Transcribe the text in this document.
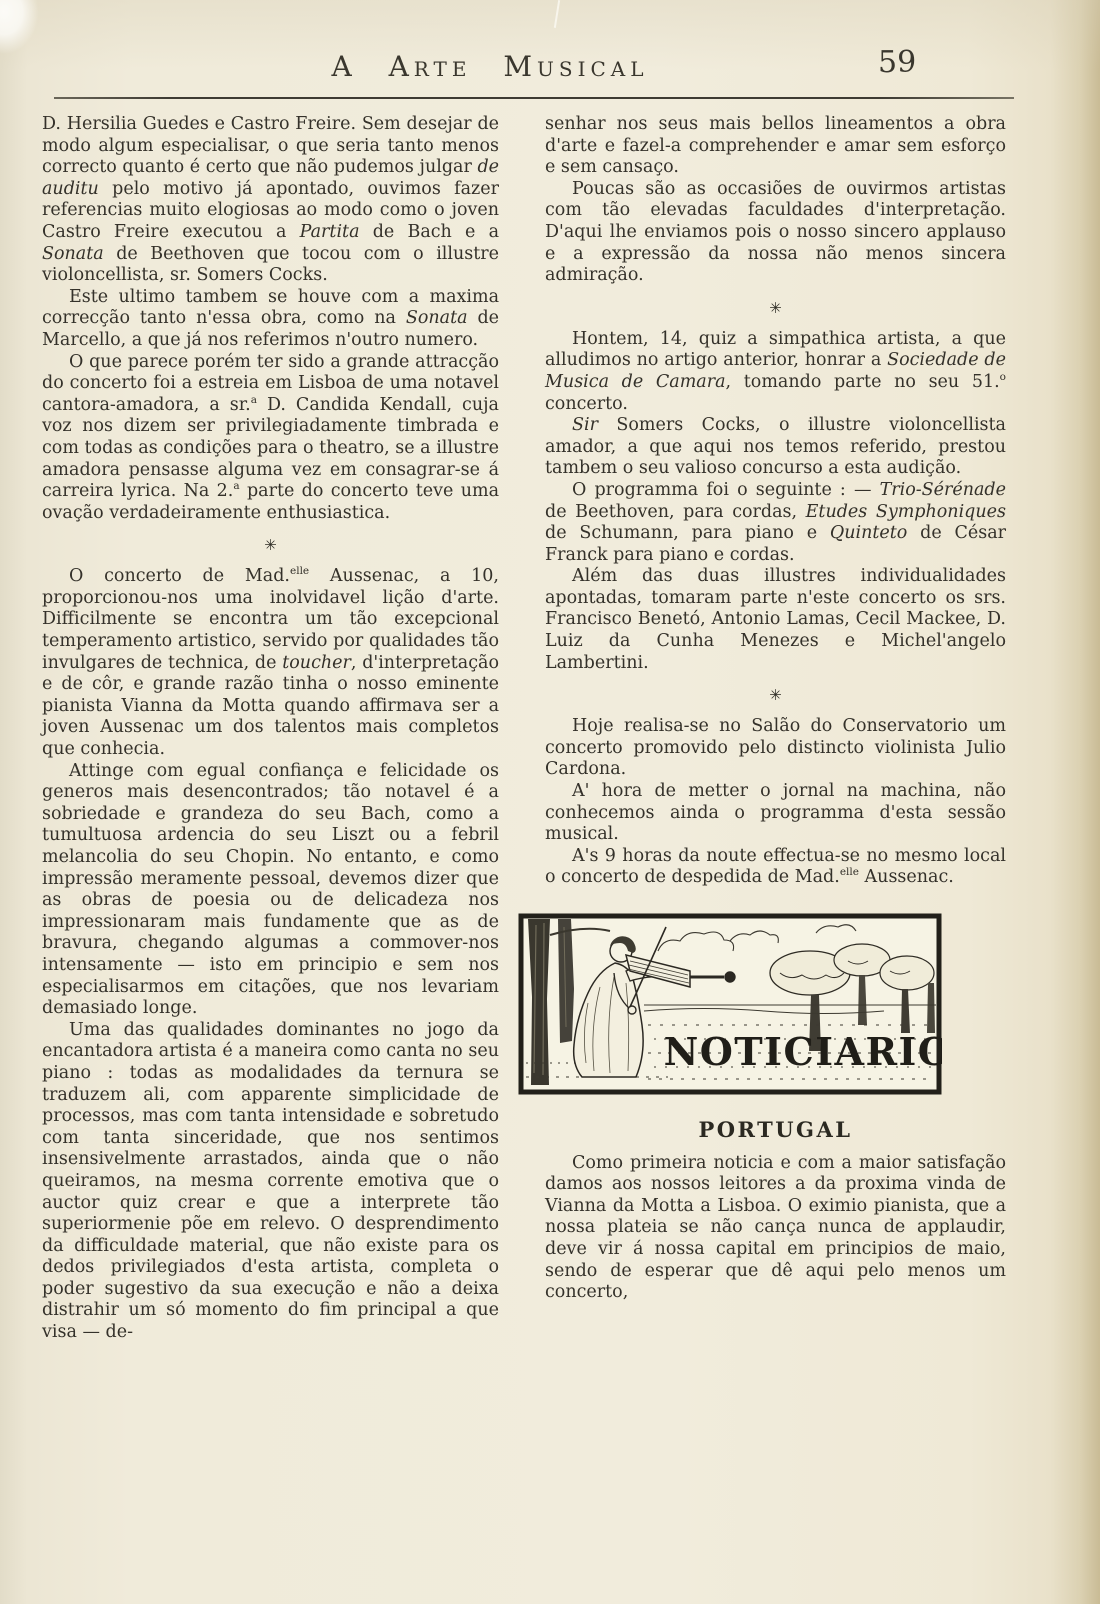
A Arte Musical	59

D. Hersilia Guedes e Castro Freire. Sem desejar de modo algum especialisar, o que seria tanto menos correcto quanto é certo que não pudemos julgar de auditu pelo motivo já apontado, ouvimos fazer referencias muito elogiosas ao modo como o joven Castro Freire executou a Partita de Bach e a Sonata de Beethoven que tocou com o illustre violoncellista, sr. Somers Cocks.

Este ultimo tambem se houve com a maxima correcção tanto n'essa obra, como na Sonata de Marcello, a que já nos referimos n'outro numero.

O que parece porém ter sido a grande attracção do concerto foi a estreia em Lisboa de uma notavel cantora-amadora, a sr.$^a$ D. Candida Kendall, cuja voz nos dizem ser privilegiadamente timbrada e com todas as condições para o theatro, se a illustre amadora pensasse alguma vez em consagrar-se á carreira lyrica. Na 2.$^a$ parte do concerto teve uma ovação verdadeiramente enthusiastica.

✳

O concerto de Mad.$^{elle}$ Aussenac, a 10, proporcionou-nos uma inolvidavel lição d'arte. Difficilmente se encontra um tão excepcional temperamento artistico, servido por qualidades tão invulgares de technica, de toucher, d'interpretação e de côr, e grande razão tinha o nosso eminente pianista Vianna da Motta quando affirmava ser a joven Aussenac um dos talentos mais completos que conhecia.

Attinge com egual confiança e felicidade os generos mais desencontrados; tão notavel é a sobriedade e grandeza do seu Bach, como a tumultuosa ardencia do seu Liszt ou a febril melancolia do seu Chopin. No entanto, e como impressão meramente pessoal, devemos dizer que as obras de poesia ou de delicadeza nos impressionaram mais fundamente que as de bravura, chegando algumas a commover-nos intensamente — isto em principio e sem nos especialisarmos em citações, que nos levariam demasiado longe.

Uma das qualidades dominantes no jogo da encantadora artista é a maneira como canta no seu piano : todas as modalidades da ternura se traduzem ali, com apparente simplicidade de processos, mas com tanta intensidade e sobretudo com tanta sinceridade, que nos sentimos insensivelmente arrastados, ainda que o não queiramos, na mesma corrente emotiva que o auctor quiz crear e que a interprete tão superiormenie põe em relevo. O desprendimento da difficuldade material, que não existe para os dedos privilegiados d'esta artista, completa o poder sugestivo da sua execução e não a deixa distrahir um só momento do fim principal a que visa — de-

senhar nos seus mais bellos lineamentos a obra d'arte e fazel-a comprehender e amar sem esforço e sem cansaço.

Poucas são as occasiões de ouvirmos artistas com tão elevadas faculdades d'interpretação. D'aqui lhe enviamos pois o nosso sincero applauso e a expressão da nossa não menos sincera admiração.

✳

Hontem, 14, quiz a simpathica artista, a que alludimos no artigo anterior, honrar a Sociedade de Musica de Camara, tomando parte no seu 51.$^o$ concerto.

Sir Somers Cocks, o illustre violoncellista amador, a que aqui nos temos referido, prestou tambem o seu valioso concurso a esta audição.

O programma foi o seguinte : — Trio-Sérénade de Beethoven, para cordas, Etudes Symphoniques de Schumann, para piano e Quinteto de César Franck para piano e cordas.

Além das duas illustres individualidades apontadas, tomaram parte n'este concerto os srs. Francisco Benetó, Antonio Lamas, Cecil Mackee, D. Luiz da Cunha Menezes e Michel'angelo Lambertini.

✳

Hoje realisa-se no Salão do Conservatorio um concerto promovido pelo distincto violinista Julio Cardona.

A' hora de metter o jornal na machina, não conhecemos ainda o programma d'esta sessão musical.

A's 9 horas da noute effectua-se no mesmo local o concerto de despedida de Mad.$^{elle}$ Aussenac.

NOTICIARIO
PORTUGAL

Como primeira noticia e com a maior satisfação damos aos nossos leitores a da proxima vinda de Vianna da Motta a Lisboa. O eximio pianista, que a nossa plateia se não cança nunca de applaudir, deve vir á nossa capital em principios de maio, sendo de esperar que dê aqui pelo menos um concerto,
